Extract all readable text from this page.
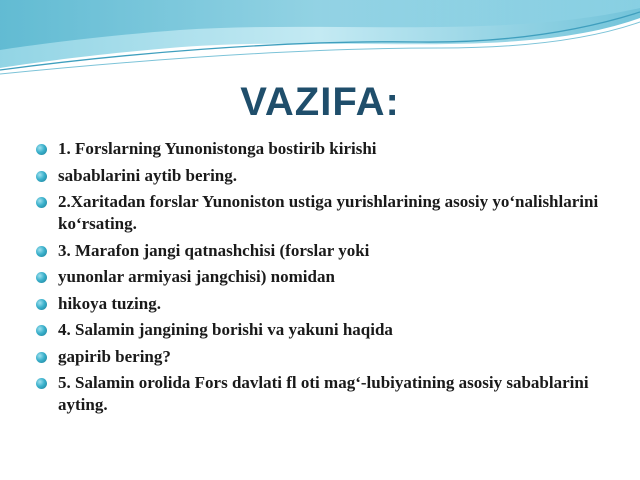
VAZIFA:
1. Forslarning Yunonistonga bostirib kirishi
sabablarini aytib bering.
2.Xaritadan forslar Yunoniston ustiga yurishlarining asosiy yo‘nalishlarini ko‘rsating.
3. Marafon jangi qatnashchisi (forslar yoki
yunonlar armiyasi jangchisi) nomidan
hikoya tuzing.
4. Salamin jangining borishi va yakuni haqida
gapirib bering?
5. Salamin orolida Fors davlati fl oti mag‘-lubiyatining asosiy sabablarini ayting.
